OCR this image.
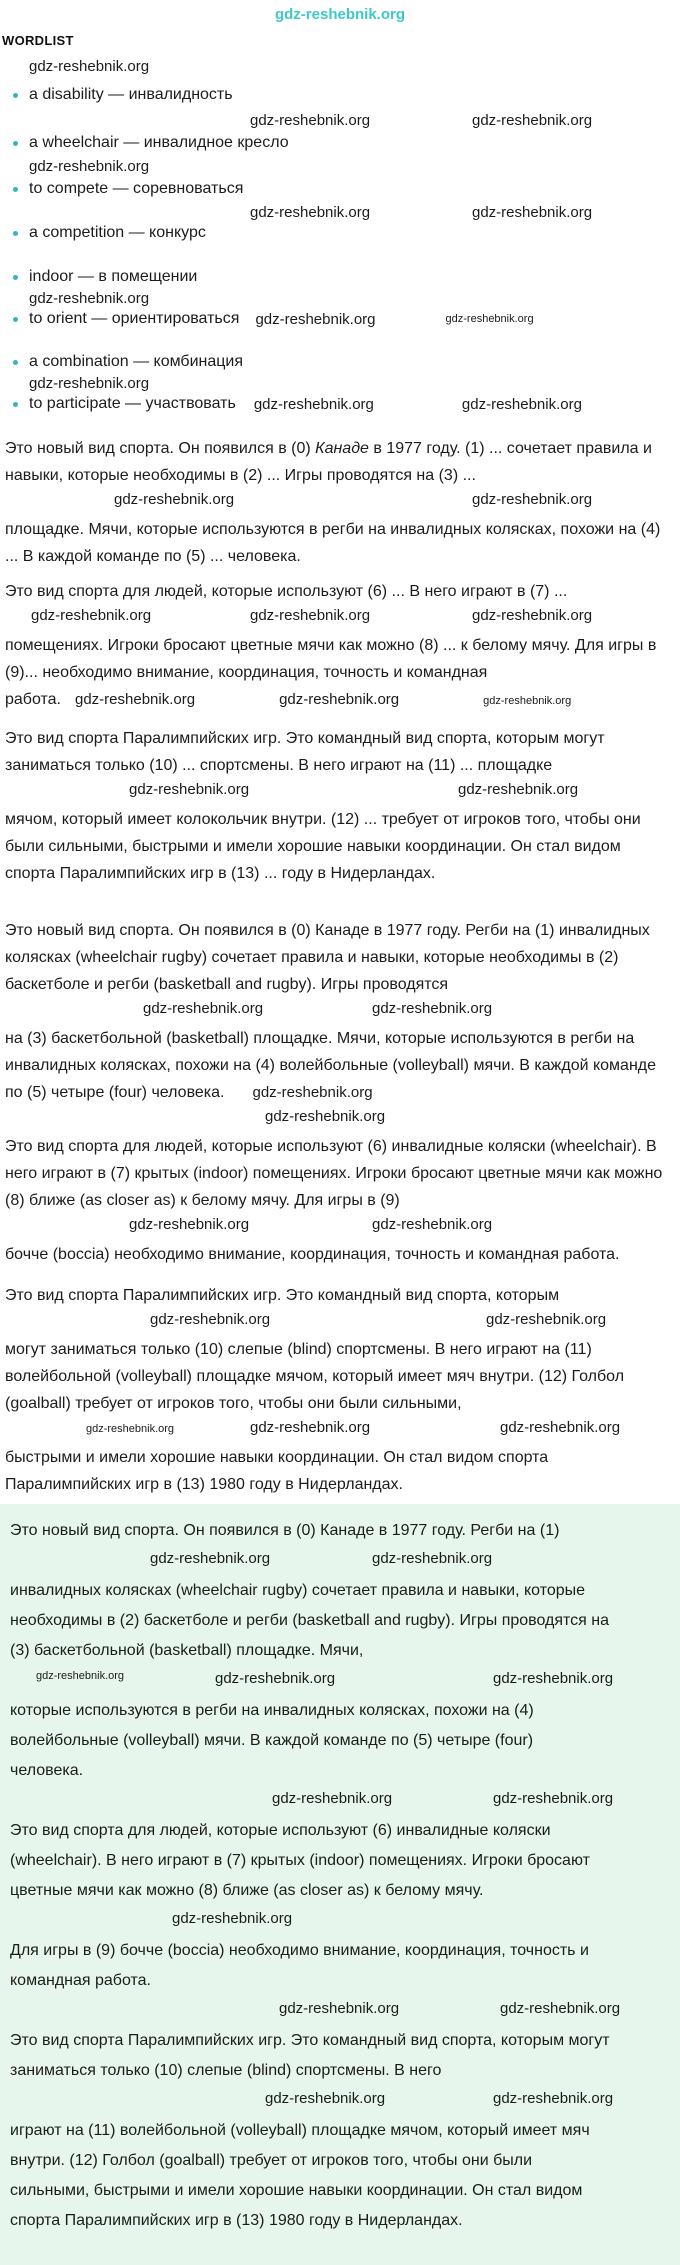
gdz-reshebnik.org
WORDLIST
gdz-reshebnik.org
a disability — инвалидность
gdz-reshebnik.org	gdz-reshebnik.org
a wheelchair — инвалидное кресло
gdz-reshebnik.org
to compete — соревноваться
gdz-reshebnik.org	gdz-reshebnik.org
a competition — конкурс
indoor — в помещении
gdz-reshebnik.org
to orient — ориентироваться gdz-reshebnik.org	gdz-reshebnik.org
a combination — комбинация
gdz-reshebnik.org
to participate — участвовать gdz-reshebnik.org	gdz-reshebnik.org

Это новый вид спорта. Он появился в (0) Канаде в 1977 году. (1) ... сочетает правила и навыки, которые необходимы в (2) ... Игры проводятся на (3) ...

gdz-reshebnik.org	gdz-reshebnik.org

площадке. Мячи, которые используются в регби на инвалидных колясках, похожи на (4) ... В каждой команде по (5) ... человека.

Это вид спорта для людей, которые используют (6) ... В него играют в (7) ...

gdz-reshebnik.org	gdz-reshebnik.org	gdz-reshebnik.org

помещениях. Игроки бросают цветные мячи как можно (8) ... к белому мячу. Для игры в (9)... необходимо внимание, координация, точность и командная работа. gdz-reshebnik.org	gdz-reshebnik.org	gdz-reshebnik.org

Это вид спорта Паралимпийских игр. Это командный вид спорта, которым могут заниматься только (10) ... спортсмены. В него играют на (11) ... площадке

gdz-reshebnik.org	gdz-reshebnik.org

мячом, который имеет колокольчик внутри. (12) ... требует от игроков того, чтобы они были сильными, быстрыми и имели хорошие навыки координации. Он стал видом спорта Паралимпийских игр в (13) ... году в Нидерландах.

Это новый вид спорта. Он появился в (0) Канаде в 1977 году. Регби на (1) инвалидных колясках (wheelchair rugby) сочетает правила и навыки, которые необходимы в (2) баскетболе и регби (basketball and rugby). Игры проводятся

gdz-reshebnik.org	gdz-reshebnik.org

на (3) баскетбольной (basketball) площадке. Мячи, которые используются в регби на инвалидных колясках, похожи на (4) волейбольные (volleyball) мячи. В каждой команде по (5) четыре (four) человека. gdz-reshebnik.org

gdz-reshebnik.org

Это вид спорта для людей, которые используют (6) инвалидные коляски (wheelchair). В него играют в (7) крытых (indoor) помещениях. Игроки бросают цветные мячи как можно (8) ближе (as closer as) к белому мячу. Для игры в (9)

gdz-reshebnik.org	gdz-reshebnik.org

бочче (boccia) необходимо внимание, координация, точность и командная работа.

Это вид спорта Паралимпийских игр. Это командный вид спорта, которым

gdz-reshebnik.org	gdz-reshebnik.org

могут заниматься только (10) слепые (blind) спортсмены. В него играют на (11) волейбольной (volleyball) площадке мячом, который имеет мяч внутри. (12) Голбол (goalball) требует от игроков того, чтобы они были сильными,

gdz-reshebnik.org	gdz-reshebnik.org	gdz-reshebnik.org

быстрыми и имели хорошие навыки координации. Он стал видом спорта Паралимпийских игр в (13) 1980 году в Нидерландах.

Это новый вид спорта. Он появился в (0) Канаде в 1977 году. Регби на (1)

gdz-reshebnik.org	gdz-reshebnik.org

инвалидных колясках (wheelchair rugby) сочетает правила и навыки, которые необходимы в (2) баскетболе и регби (basketball and rugby). Игры проводятся на (3) баскетбольной (basketball) площадке. Мячи,

gdz-reshebnik.org	gdz-reshebnik.org	gdz-reshebnik.org

которые используются в регби на инвалидных колясках, похожи на (4) волейбольные (volleyball) мячи. В каждой команде по (5) четыре (four) человека.

gdz-reshebnik.org	gdz-reshebnik.org

Это вид спорта для людей, которые используют (6) инвалидные коляски (wheelchair). В него играют в (7) крытых (indoor) помещениях. Игроки бросают цветные мячи как можно (8) ближе (as closer as) к белому мячу.

gdz-reshebnik.org

Для игры в (9) бочче (boccia) необходимо внимание, координация, точность и командная работа.

gdz-reshebnik.org	gdz-reshebnik.org

Это вид спорта Паралимпийских игр. Это командный вид спорта, которым могут заниматься только (10) слепые (blind) спортсмены. В него

gdz-reshebnik.org	gdz-reshebnik.org

играют на (11) волейбольной (volleyball) площадке мячом, который имеет мяч внутри. (12) Голбол (goalball) требует от игроков того, чтобы они были сильными, быстрыми и имели хорошие навыки координации. Он стал видом спорта Паралимпийских игр в (13) 1980 году в Нидерландах.
